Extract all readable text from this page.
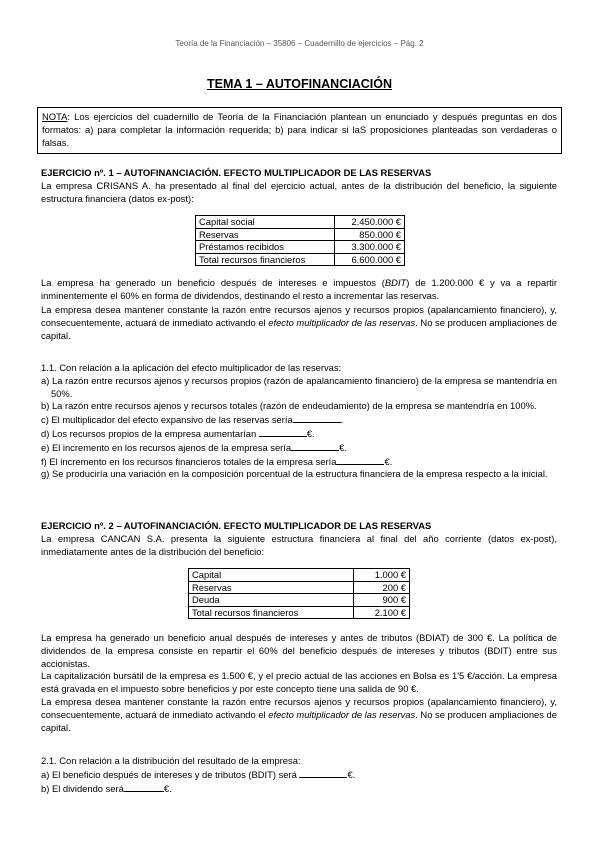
Teoría de la Financiación – 35806 – Cuadernillo de ejercicios – Pág. 2
TEMA 1 – AUTOFINANCIACIÓN
NOTA: Los ejercicios del cuadernillo de Teoría de la Financiación plantean un enunciado y después preguntas en dos formatos: a) para completar la información requerida; b) para indicar si laS proposiciones planteadas son verdaderas o falsas.
EJERCICIO nº. 1 – AUTOFINANCIACIÓN. EFECTO MULTIPLICADOR DE LAS RESERVAS
La empresa CRISANS A. ha presentado al final del ejercicio actual, antes de la distribución del beneficio, la siguiente estructura financiera (datos ex-post):
Capital social	2.450.000 €
Reservas	850.000 €
Préstamos recibidos	3.300.000 €
Total recursos financieros	6.600.000 €
La empresa ha generado un beneficio después de intereses e impuestos (BDIT) de 1.200.000 € y va a repartir inminentemente el 60% en forma de dividendos, destinando el resto a incrementar las reservas.
La empresa desea mantener constante la razón entre recursos ajenos y recursos propios (apalancamiento financiero), y, consecuentemente, actuará de inmediato activando el efecto multiplicador de las reservas. No se producen ampliaciones de capital.
1.1. Con relación a la aplicación del efecto multiplicador de las reservas:
a) La razón entre recursos ajenos y recursos propios (razón de apalancamiento financiero) de la empresa se mantendría en 50%.
b) La razón entre recursos ajenos y recursos totales (razón de endeudamiento) de la empresa se mantendría en 100%.
c) El multiplicador del efecto expansivo de las reservas sería	.
d) Los recursos propios de la empresa aumentarían	€.
e) El incremento en los recursos ajenos de la empresa sería	€.
f) El incremento en los recursos financieros totales de la empresa sería	€.
g) Se produciría una variación en la composición porcentual de la estructura financiera de la empresa respecto a la inicial.
EJERCICIO nº. 2 – AUTOFINANCIACIÓN. EFECTO MULTIPLICADOR DE LAS RESERVAS
La empresa CANCAN S.A. presenta la siguiente estructura financiera al final del año corriente (datos ex-post), inmediatamente antes de la distribución del beneficio:
Capital	1.000 €
Reservas	200 €
Deuda	900 €
Total recursos financieros	2.100 €
La empresa ha generado un beneficio anual después de intereses y antes de tributos (BDIAT) de 300 €. La política de dividendos de la empresa consiste en repartir el 60% del beneficio después de intereses y tributos (BDIT) entre sus accionistas.
La capitalización bursátil de la empresa es 1.500 €, y el precio actual de las acciones en Bolsa es 1'5 €/acción. La empresa está gravada en el impuesto sobre beneficios y por este concepto tiene una salida de 90 €.
La empresa desea mantener constante la razón entre recursos ajenos y recursos propios (apalancamiento financiero), y, consecuentemente, actuará de inmediato activando el efecto multiplicador de las reservas. No se producen ampliaciones de capital.
2.1. Con relación a la distribución del resultado de la empresa:
a) El beneficio después de intereses y de tributos (BDIT) será	€.
b) El dividendo será	€.
